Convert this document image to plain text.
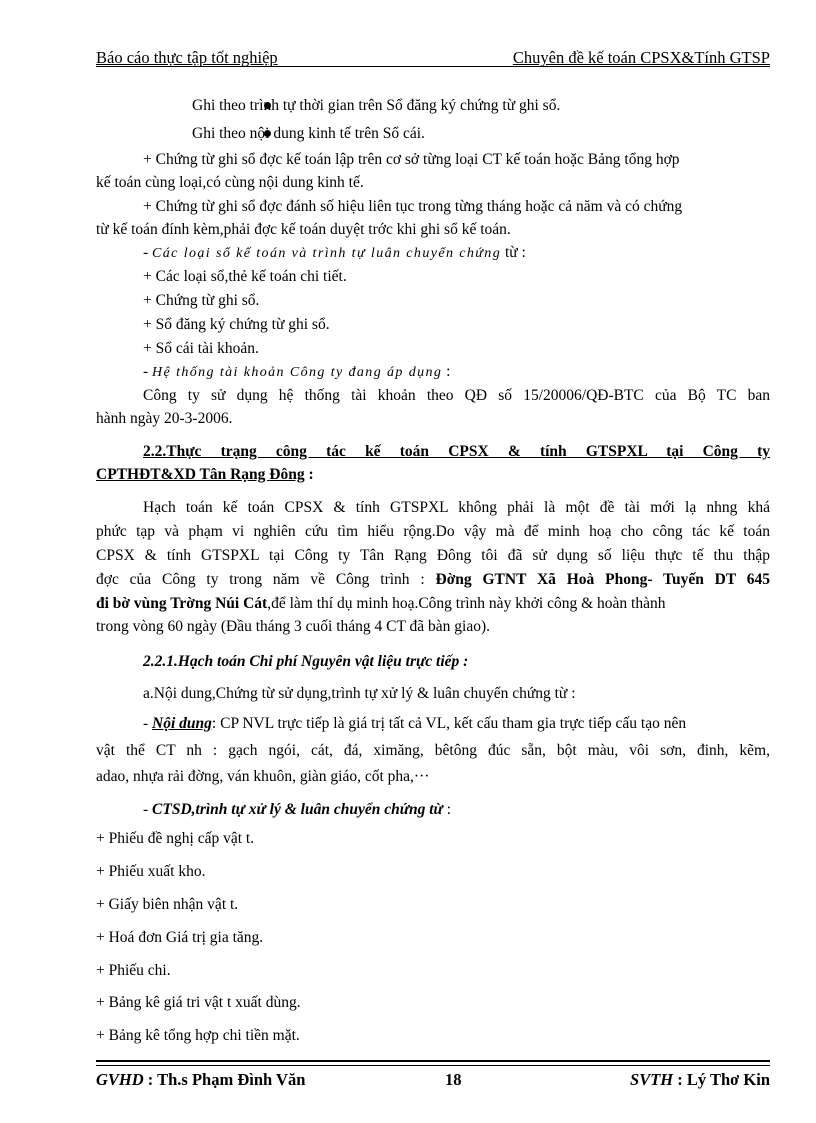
Báo cáo thực tập tốt nghiệp	Chuyên đề kế toán CPSX&Tính GTSP
Ghi theo trình tự thời gian trên Sổ đăng ký chứng từ ghi sổ.
Ghi theo nội dung kinh tế trên Sổ cái.
+ Chứng từ ghi sổ đợc kế toán lập trên cơ sở từng loại CT kế toán hoặc Bảng tổng hợp
kế toán cùng loại,có cùng nội dung kinh tế.
+ Chứng từ ghi sổ đợc đánh số hiệu liên tục trong từng tháng hoặc cả năm và có chứng
từ kế toán đính kèm,phải đợc kế toán duyệt trớc khi ghi sổ kế toán.
- Các loại sổ kế toán và trình tự luân chuyển chứng từ :
+ Các loại sổ,thẻ kế toán chi tiết.
+ Chứng từ ghi sổ.
+ Sổ đăng ký chứng từ ghi sổ.
+ Sổ cái tài khoản.
- Hệ thống tài khoản Công ty đang áp dụng :
Công ty sử dụng hệ thống tài khoản theo QĐ số 15/20006/QĐ-BTC của Bộ TC ban
hành ngày 20-3-2006.
2.2.Thực trạng công tác kế toán CPSX & tính GTSPXL tại Công ty
CPTHĐT&XD Tân Rạng Đông :
Hạch toán kế toán CPSX & tính GTSPXL không phải là một đề tài mới lạ nhng khá
phức tạp và phạm vi nghiên cứu tìm hiểu rộng.Do vậy mà để minh hoạ cho công tác kế toán
CPSX & tính GTSPXL tại Công ty Tân Rạng Đông tôi đã sử dụng số liệu thực tế thu thập
đợc của Công ty trong năm về Công trình : Đờng GTNT Xã Hoà Phong- Tuyến DT 645
đi bờ vùng Trờng Núi Cát,để làm thí dụ minh hoạ.Công trình này khởi công & hoàn thành
trong vòng 60 ngày (Đầu tháng 3 cuối tháng 4 CT đã bàn giao).
2.2.1.Hạch toán Chi phí Nguyên vật liệu trực tiếp :
a.Nội dung,Chứng từ sử dụng,trình tự xử lý & luân chuyển chứng từ :
- Nội dung: CP NVL trực tiếp là giá trị tất cả VL, kết cấu tham gia trực tiếp cấu tạo nên
vật thể CT nh : gạch ngói, cát, đá, ximăng, bêtông đúc sẵn, bột màu, vôi sơn, đinh, kẽm,
adao, nhựa rải đờng, ván khuôn, giàn giáo, cốt pha,···
- CTSD,trình tự xử lý & luân chuyển chứng từ :
+ Phiếu đề nghị cấp vật t.
+ Phiếu xuất kho.
+ Giấy biên nhận vật t.
+ Hoá đơn Giá trị gia tăng.
+ Phiếu chi.
+ Bảng kê giá tri vật t xuất dùng.
+ Bảng kê tổng hợp chi tiền mặt.
GVHD : Th.s Phạm Đình Văn	18	SVTH : Lý Thơ Kin
